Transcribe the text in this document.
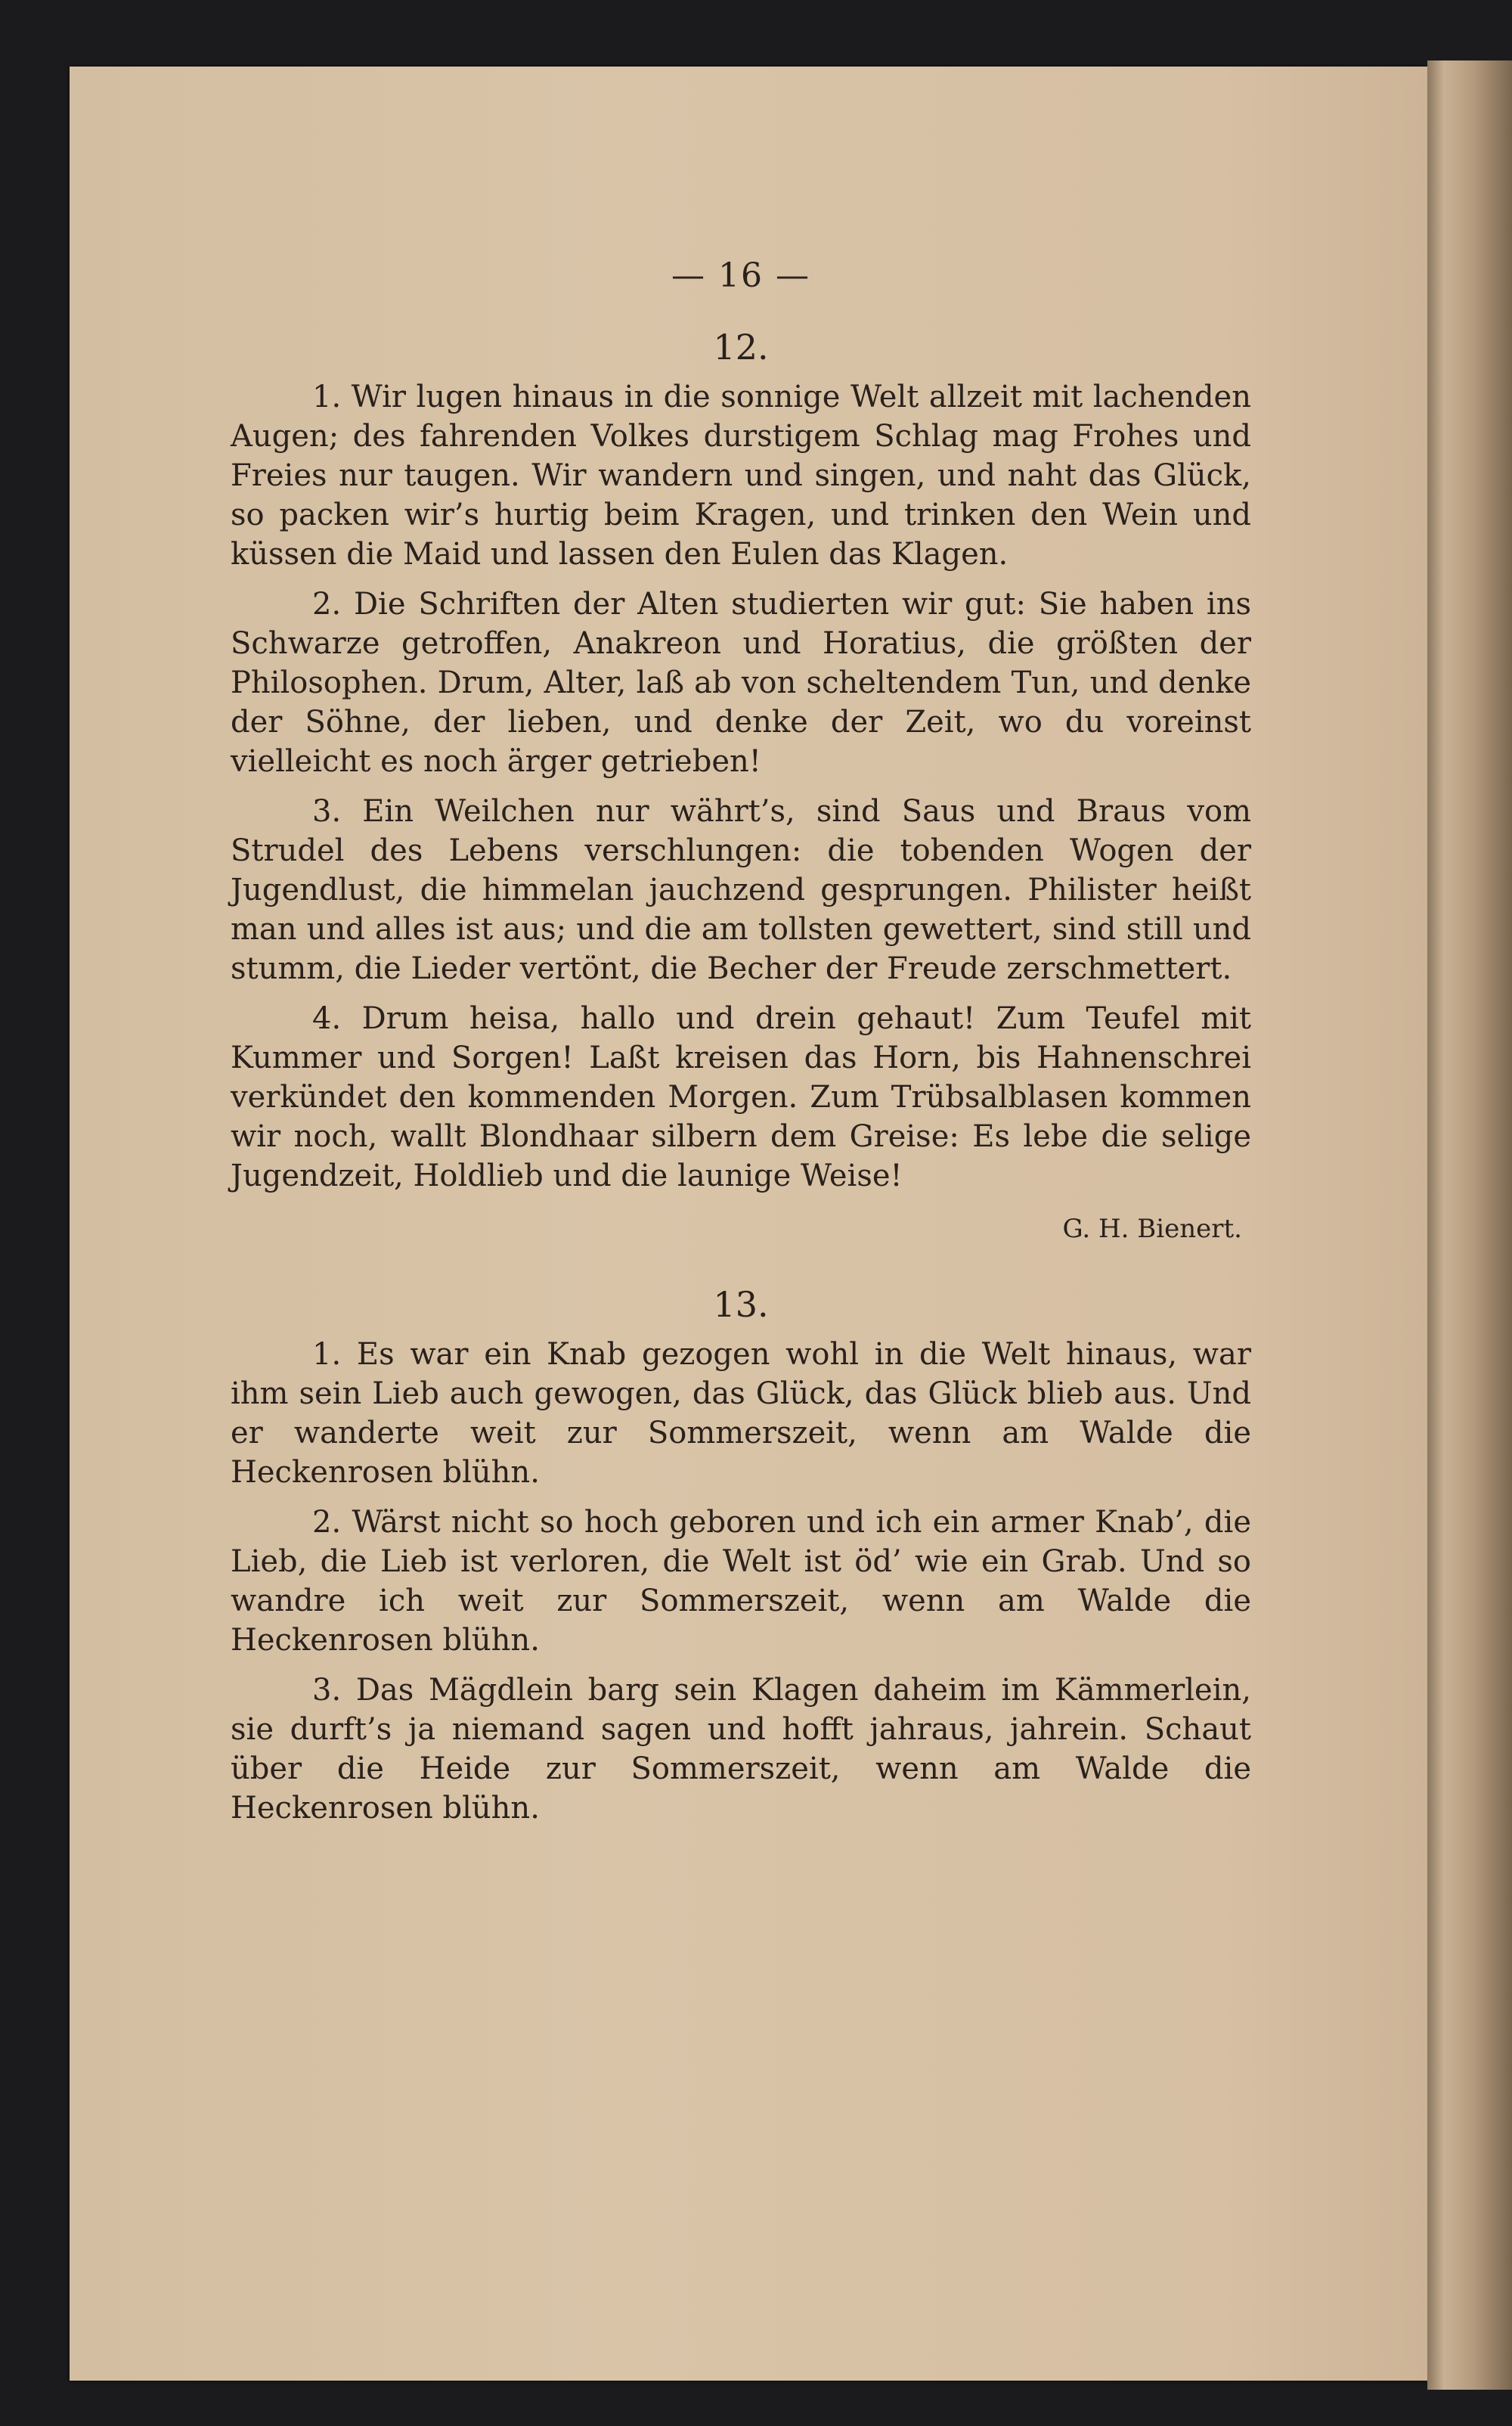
— 16 —
12.

1. Wir lugen hinaus in die sonnige Welt allzeit mit lachenden Augen; des fahrenden Volkes durstigem Schlag mag Frohes und Freies nur taugen. Wir wandern und singen, und naht das Glück, so packen wir’s hurtig beim Kragen, und trinken den Wein und küssen die Maid und lassen den Eulen das Klagen.

2. Die Schriften der Alten studierten wir gut: Sie haben ins Schwarze getroffen, Anakreon und Horatius, die größten der Philosophen. Drum, Alter, laß ab von scheltendem Tun, und denke der Söhne, der lieben, und denke der Zeit, wo du voreinst vielleicht es noch ärger getrieben!

3. Ein Weilchen nur währt’s, sind Saus und Braus vom Strudel des Lebens verschlungen: die tobenden Wogen der Jugendlust, die himmelan jauchzend gesprungen. Philister heißt man und alles ist aus; und die am tollsten gewettert, sind still und stumm, die Lieder vertönt, die Becher der Freude zerschmettert.

4. Drum heisa, hallo und drein gehaut! Zum Teufel mit Kummer und Sorgen! Laßt kreisen das Horn, bis Hahnenschrei verkündet den kommenden Morgen. Zum Trübsalblasen kommen wir noch, wallt Blondhaar silbern dem Greise: Es lebe die selige Jugendzeit, Holdlieb und die launige Weise!

G. H. Bienert.
13.

1. Es war ein Knab gezogen wohl in die Welt hinaus, war ihm sein Lieb auch gewogen, das Glück, das Glück blieb aus. Und er wanderte weit zur Sommerszeit, wenn am Walde die Heckenrosen blühn.

2. Wärst nicht so hoch geboren und ich ein armer Knab’, die Lieb, die Lieb ist verloren, die Welt ist öd’ wie ein Grab. Und so wandre ich weit zur Sommerszeit, wenn am Walde die Heckenrosen blühn.

3. Das Mägdlein barg sein Klagen daheim im Kämmerlein, sie durft’s ja niemand sagen und hofft jahraus, jahrein. Schaut über die Heide zur Sommerszeit, wenn am Walde die Heckenrosen blühn.
